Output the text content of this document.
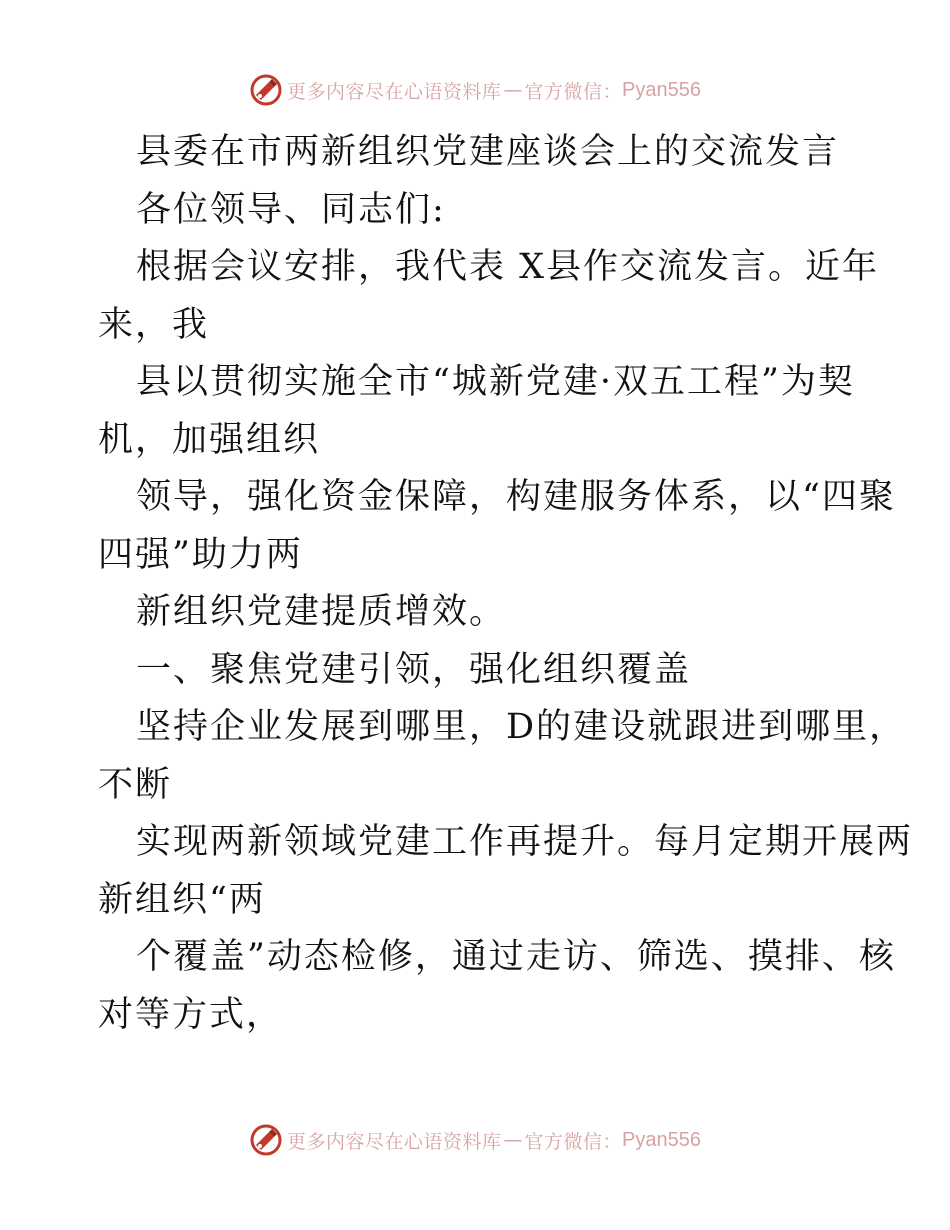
更多内容尽在心语资料库 — 官方微信： Pyan556
县委在市两新组织党建座谈会上的交流发言
各位领导、同志们:
根据会议安排，我代表 X县作交流发言。近年
来，我
县以贯彻实施全市“城新党建·双五工程”为契
机，加强组织
领导，强化资金保障，构建服务体系，以“四聚
四强”助力两
新组织党建提质增效。
一、聚焦党建引领，强化组织覆盖
坚持企业发展到哪里，D的建设就跟进到哪里，
不断
实现两新领域党建工作再提升。每月定期开展两
新组织“两
个覆盖”动态检修，通过走访、筛选、摸排、核
对等方式，
更多内容尽在心语资料库 — 官方微信： Pyan556
